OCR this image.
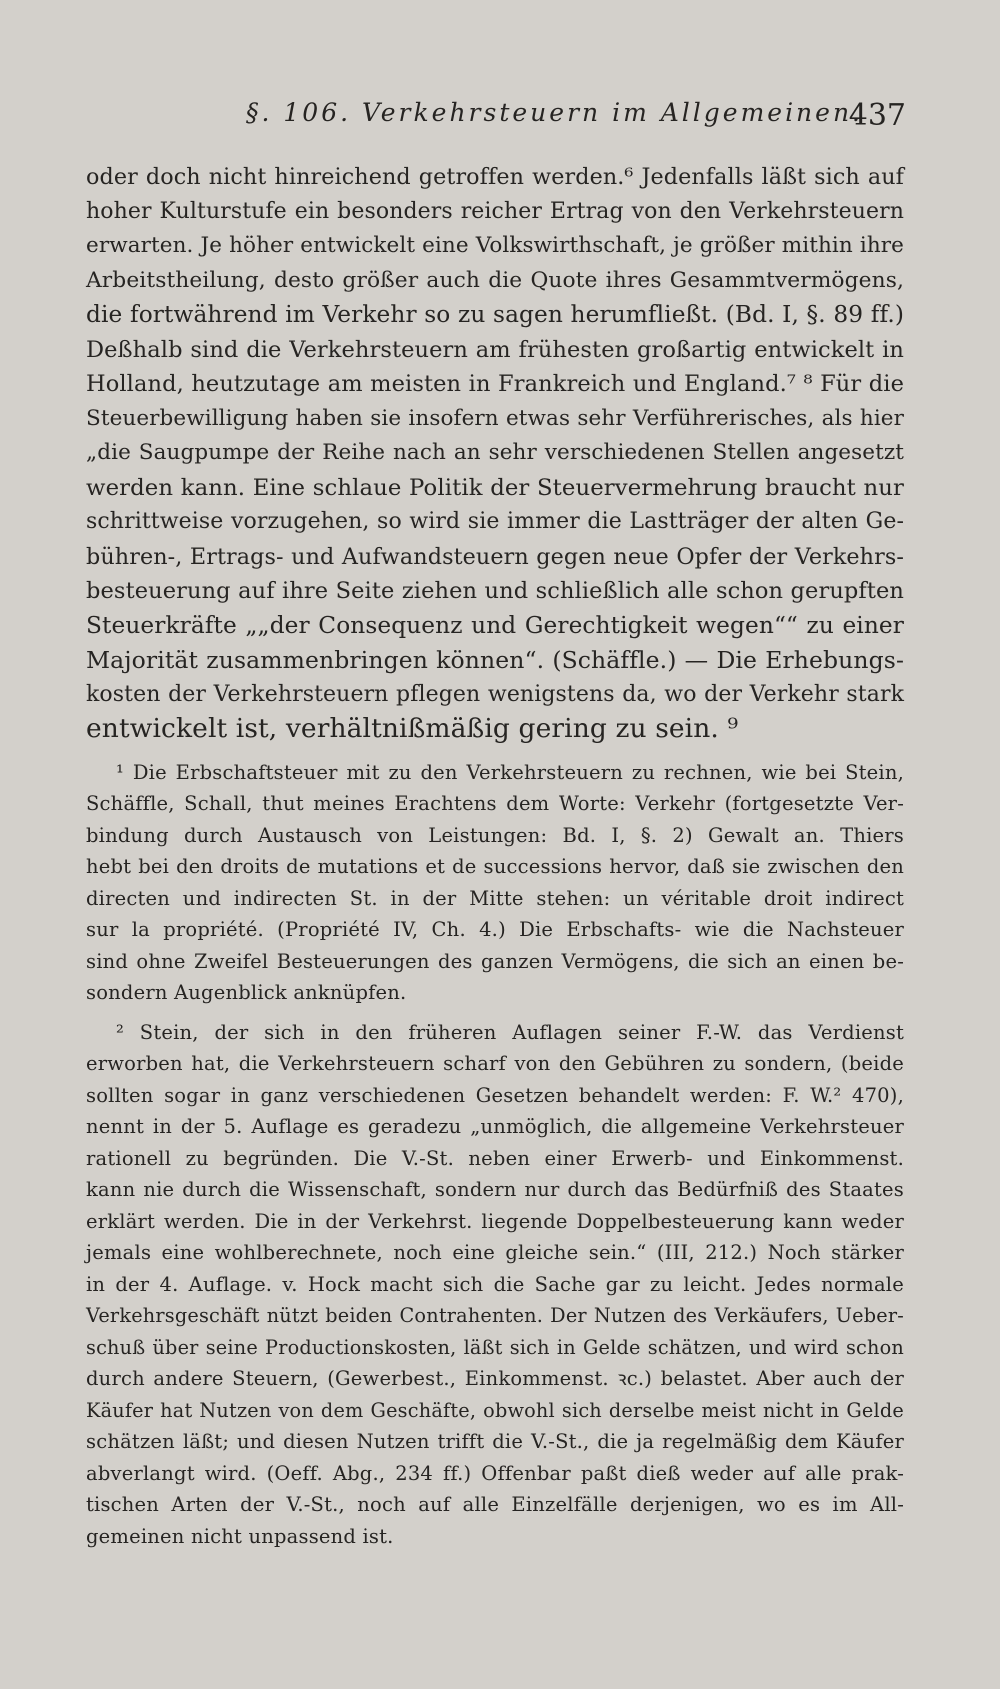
§. 106. Verkehrsteuern im Allgemeinen.
437
oder doch nicht hinreichend getroffen werden.⁶ Jedenfalls läßt sich auf
hoher Kulturstufe ein besonders reicher Ertrag von den Verkehrsteuern
erwarten. Je höher entwickelt eine Volkswirthschaft, je größer mithin ihre
Arbeitstheilung, desto größer auch die Quote ihres Gesammtvermögens,
die fortwährend im Verkehr so zu sagen herumfließt. (Bd. I, §. 89 ff.)
Deßhalb sind die Verkehrsteuern am frühesten großartig entwickelt in
Holland, heutzutage am meisten in Frankreich und England.⁷ ⁸ Für die
Steuerbewilligung haben sie insofern etwas sehr Verführerisches, als hier
„die Saugpumpe der Reihe nach an sehr verschiedenen Stellen angesetzt
werden kann. Eine schlaue Politik der Steuervermehrung braucht nur
schrittweise vorzugehen, so wird sie immer die Lastträger der alten Ge-
bühren-, Ertrags- und Aufwandsteuern gegen neue Opfer der Verkehrs-
besteuerung auf ihre Seite ziehen und schließlich alle schon gerupften
Steuerkräfte „„der Consequenz und Gerechtigkeit wegen““ zu einer
Majorität zusammenbringen können“. (Schäffle.) — Die Erhebungs-
kosten der Verkehrsteuern pflegen wenigstens da, wo der Verkehr stark
entwickelt ist, verhältnißmäßig gering zu sein. ⁹
¹ Die Erbschaftsteuer mit zu den Verkehrsteuern zu rechnen, wie bei Stein,
Schäffle, Schall, thut meines Erachtens dem Worte: Verkehr (fortgesetzte Ver-
bindung durch Austausch von Leistungen: Bd. I, §. 2) Gewalt an. Thiers
hebt bei den droits de mutations et de successions hervor, daß sie zwischen den
directen und indirecten St. in der Mitte stehen: un véritable droit indirect
sur la propriété. (Propriété IV, Ch. 4.) Die Erbschafts- wie die Nachsteuer
sind ohne Zweifel Besteuerungen des ganzen Vermögens, die sich an einen be-
sondern Augenblick anknüpfen.
² Stein, der sich in den früheren Auflagen seiner F.-W. das Verdienst
erworben hat, die Verkehrsteuern scharf von den Gebühren zu sondern, (beide
sollten sogar in ganz verschiedenen Gesetzen behandelt werden: F. W.² 470),
nennt in der 5. Auflage es geradezu „unmöglich, die allgemeine Verkehrsteuer
rationell zu begründen. Die V.-St. neben einer Erwerb- und Einkommenst.
kann nie durch die Wissenschaft, sondern nur durch das Bedürfniß des Staates
erklärt werden. Die in der Verkehrst. liegende Doppelbesteuerung kann weder
jemals eine wohlberechnete, noch eine gleiche sein.“ (III, 212.) Noch stärker
in der 4. Auflage. v. Hock macht sich die Sache gar zu leicht. Jedes normale
Verkehrsgeschäft nützt beiden Contrahenten. Der Nutzen des Verkäufers, Ueber-
schuß über seine Productionskosten, läßt sich in Gelde schätzen, und wird schon
durch andere Steuern, (Gewerbest., Einkommenst. ꝛc.) belastet. Aber auch der
Käufer hat Nutzen von dem Geschäfte, obwohl sich derselbe meist nicht in Gelde
schätzen läßt; und diesen Nutzen trifft die V.-St., die ja regelmäßig dem Käufer
abverlangt wird. (Oeff. Abg., 234 ff.) Offenbar paßt dieß weder auf alle prak-
tischen Arten der V.-St., noch auf alle Einzelfälle derjenigen, wo es im All-
gemeinen nicht unpassend ist.
